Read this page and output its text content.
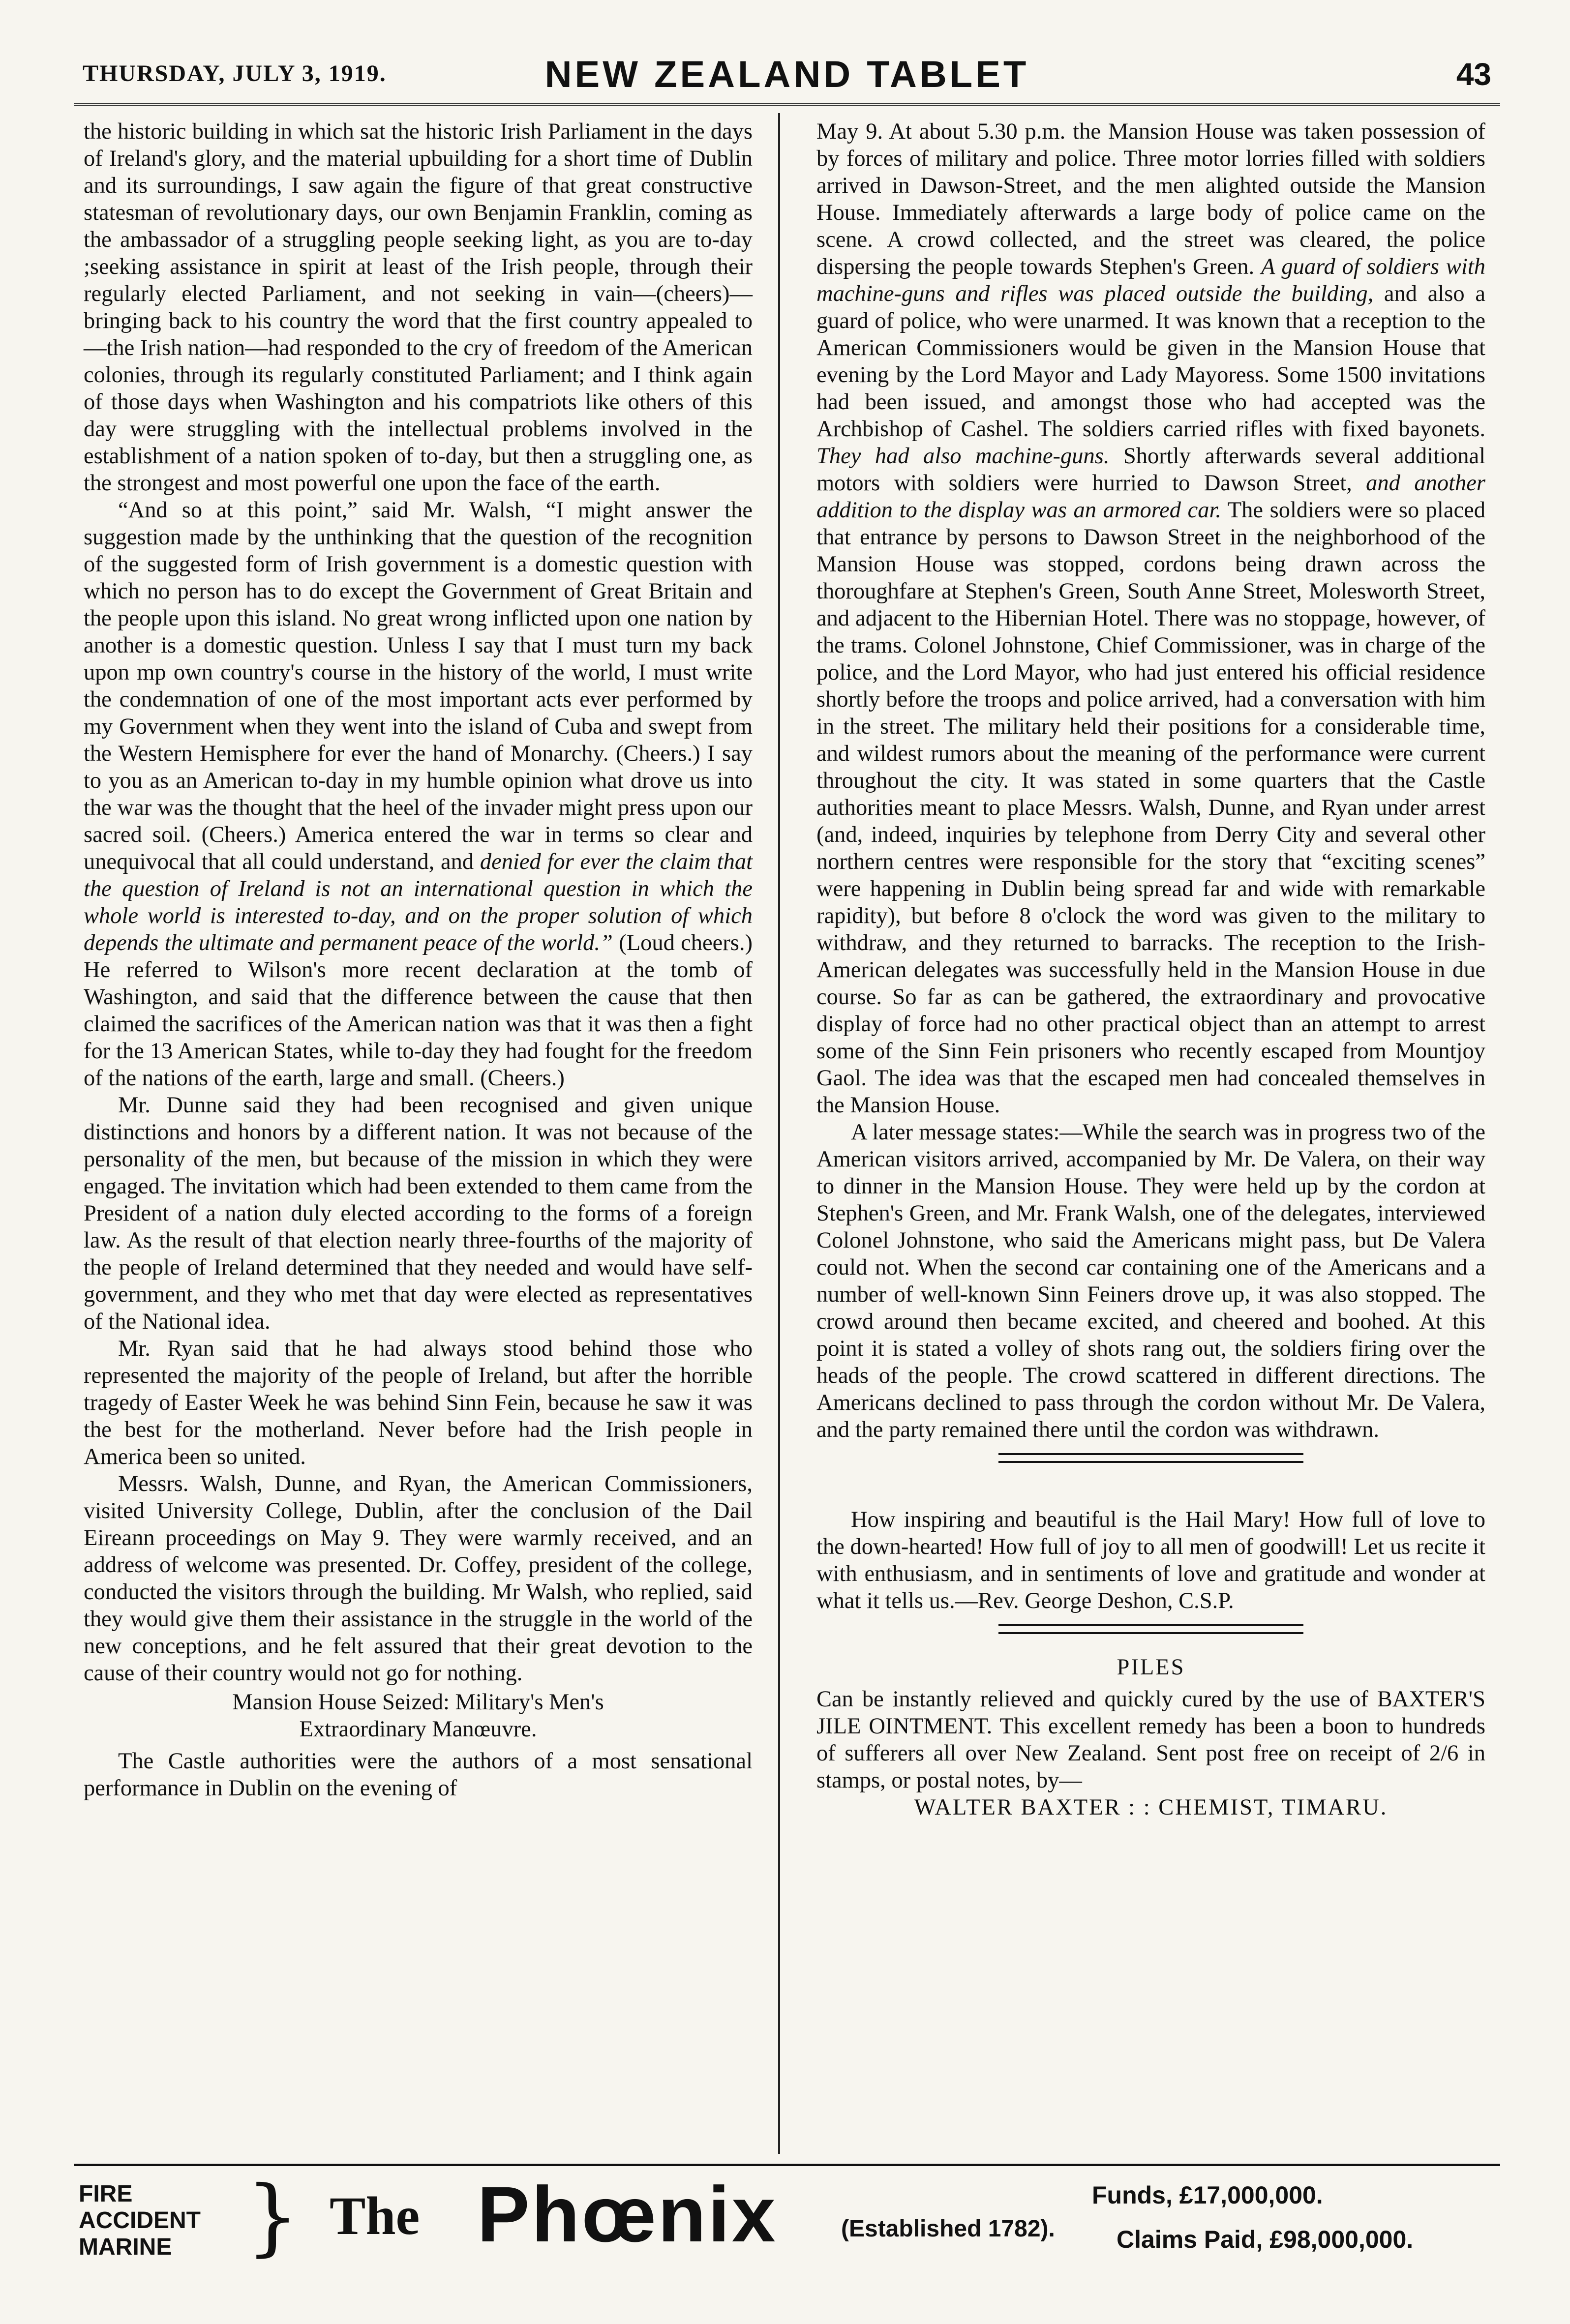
THURSDAY, JULY 3, 1919.	NEW ZEALAND TABLET	43

the historic building in which sat the historic Irish Parliament in the days of Ireland's glory, and the material upbuilding for a short time of Dublin and its surroundings, I saw again the figure of that great constructive statesman of revolutionary days, our own Benjamin Franklin, coming as the ambassador of a struggling people seeking light, as you are to-day ;seeking assistance in spirit at least of the Irish people, through their regularly elected Parliament, and not seeking in vain—(cheers)—bringing back to his country the word that the first country appealed to—the Irish nation—had responded to the cry of freedom of the American colonies, through its regularly constituted Parliament; and I think again of those days when Washington and his compatriots like others of this day were struggling with the intellectual problems involved in the establishment of a nation spoken of to-day, but then a struggling one, as the strongest and most powerful one upon the face of the earth.

“And so at this point,” said Mr. Walsh, “I might answer the suggestion made by the unthinking that the question of the recognition of the suggested form of Irish government is a domestic question with which no person has to do except the Government of Great Britain and the people upon this island. No great wrong inflicted upon one nation by another is a domestic question. Unless I say that I must turn my back upon mp own country's course in the history of the world, I must write the condemnation of one of the most important acts ever performed by my Government when they went into the island of Cuba and swept from the Western Hemisphere for ever the hand of Monarchy. (Cheers.) I say to you as an American to-day in my humble opinion what drove us into the war was the thought that the heel of the invader might press upon our sacred soil. (Cheers.) America entered the war in terms so clear and unequivocal that all could understand, and denied for ever the claim that the question of Ireland is not an international question in which the whole world is interested to-day, and on the proper solution of which depends the ultimate and permanent peace of the world.” (Loud cheers.) He referred to Wilson's more recent declaration at the tomb of Washington, and said that the difference between the cause that then claimed the sacrifices of the American nation was that it was then a fight for the 13 American States, while to-day they had fought for the freedom of the nations of the earth, large and small. (Cheers.)

Mr. Dunne said they had been recognised and given unique distinctions and honors by a different nation. It was not because of the personality of the men, but because of the mission in which they were engaged. The invitation which had been extended to them came from the President of a nation duly elected according to the forms of a foreign law. As the result of that election nearly three-fourths of the majority of the people of Ireland determined that they needed and would have self-government, and they who met that day were elected as representatives of the National idea.

Mr. Ryan said that he had always stood behind those who represented the majority of the people of Ireland, but after the horrible tragedy of Easter Week he was behind Sinn Fein, because he saw it was the best for the motherland. Never before had the Irish people in America been so united.

Messrs. Walsh, Dunne, and Ryan, the American Commissioners, visited University College, Dublin, after the conclusion of the Dail Eireann proceedings on May 9. They were warmly received, and an address of welcome was presented. Dr. Coffey, president of the college, conducted the visitors through the building. Mr Walsh, who replied, said they would give them their assistance in the struggle in the world of the new conceptions, and he felt assured that their great devotion to the cause of their country would not go for nothing.

Mansion House Seized: Military's Men's
Extraordinary Manœuvre.

The Castle authorities were the authors of a most sensational performance in Dublin on the evening of

May 9. At about 5.30 p.m. the Mansion House was taken possession of by forces of military and police. Three motor lorries filled with soldiers arrived in Dawson-Street, and the men alighted outside the Mansion House. Immediately afterwards a large body of police came on the scene. A crowd collected, and the street was cleared, the police dispersing the people towards Stephen's Green. A guard of soldiers with machine-guns and rifles was placed outside the building, and also a guard of police, who were unarmed. It was known that a reception to the American Commissioners would be given in the Mansion House that evening by the Lord Mayor and Lady Mayoress. Some 1500 invitations had been issued, and amongst those who had accepted was the Archbishop of Cashel. The soldiers carried rifles with fixed bayonets. They had also machine-guns. Shortly afterwards several additional motors with soldiers were hurried to Dawson Street, and another addition to the display was an armored car. The soldiers were so placed that entrance by persons to Dawson Street in the neighborhood of the Mansion House was stopped, cordons being drawn across the thoroughfare at Stephen's Green, South Anne Street, Molesworth Street, and adjacent to the Hibernian Hotel. There was no stoppage, however, of the trams. Colonel Johnstone, Chief Commissioner, was in charge of the police, and the Lord Mayor, who had just entered his official residence shortly before the troops and police arrived, had a conversation with him in the street. The military held their positions for a considerable time, and wildest rumors about the meaning of the performance were current throughout the city. It was stated in some quarters that the Castle authorities meant to place Messrs. Walsh, Dunne, and Ryan under arrest (and, indeed, inquiries by telephone from Derry City and several other northern centres were responsible for the story that “exciting scenes” were happening in Dublin being spread far and wide with remarkable rapidity), but before 8 o'clock the word was given to the military to withdraw, and they returned to barracks. The reception to the Irish-American delegates was successfully held in the Mansion House in due course. So far as can be gathered, the extraordinary and provocative display of force had no other practical object than an attempt to arrest some of the Sinn Fein prisoners who recently escaped from Mountjoy Gaol. The idea was that the escaped men had concealed themselves in the Mansion House.

A later message states:—While the search was in progress two of the American visitors arrived, accompanied by Mr. De Valera, on their way to dinner in the Mansion House. They were held up by the cordon at Stephen's Green, and Mr. Frank Walsh, one of the delegates, interviewed Colonel Johnstone, who said the Americans might pass, but De Valera could not. When the second car containing one of the Americans and a number of well-known Sinn Feiners drove up, it was also stopped. The crowd around then became excited, and cheered and boohed. At this point it is stated a volley of shots rang out, the soldiers firing over the heads of the people. The crowd scattered in different directions. The Americans declined to pass through the cordon without Mr. De Valera, and the party remained there until the cordon was withdrawn.

How inspiring and beautiful is the Hail Mary! How full of love to the down-hearted! How full of joy to all men of goodwill! Let us recite it with enthusiasm, and in sentiments of love and gratitude and wonder at what it tells us.—Rev. George Deshon, C.S.P.

PILES

Can be instantly relieved and quickly cured by the use of BAXTER'S JILE OINTMENT. This excellent remedy has been a boon to hundreds of sufferers all over New Zealand. Sent post free on receipt of 2/6 in stamps, or postal notes, by—

WALTER BAXTER : : CHEMIST, TIMARU.

FIRE
ACCIDENT
MARINE } The Phœnix	(Established 1782).
Funds, £17,000,000.
Claims Paid, £98,000,000.
